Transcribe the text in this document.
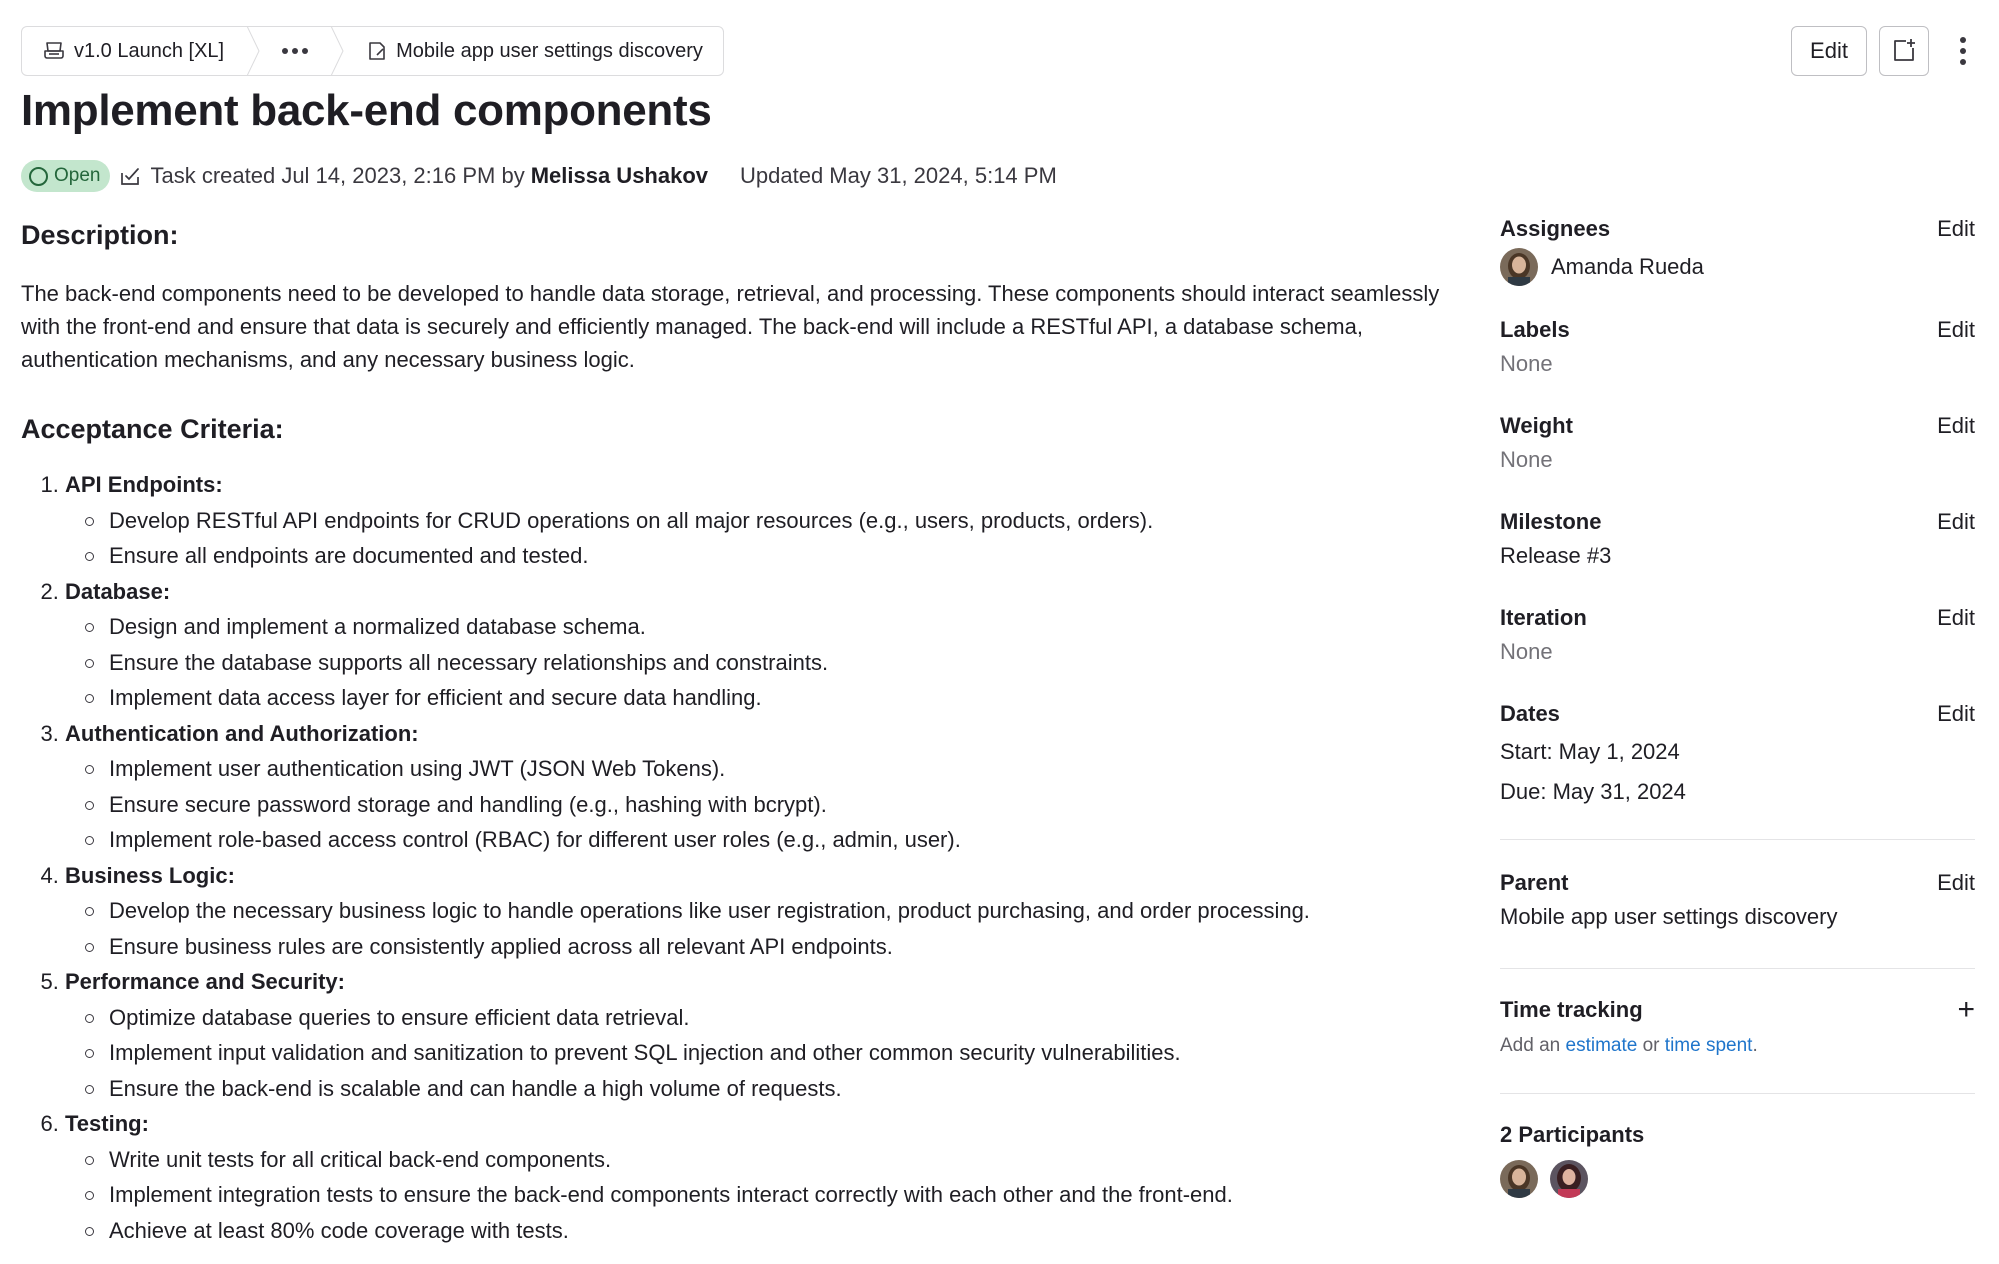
v1.0 Launch [XL]	Mobile app user settings discovery	Edit
Implement back-end components
Open Task created Jul 14, 2023, 2:16 PM by Melissa Ushakov Updated May 31, 2024, 5:14 PM
Description:

The back-end components need to be developed to handle data storage, retrieval, and processing. These components should interact seamlessly with the front-end and ensure that data is securely and efficiently managed. The back-end will include a RESTful API, a database schema, authentication mechanisms, and any necessary business logic.

Acceptance Criteria:
1. API Endpoints:
Develop RESTful API endpoints for CRUD operations on all major resources (e.g., users, products, orders).
Ensure all endpoints are documented and tested.
2. Database:
Design and implement a normalized database schema.
Ensure the database supports all necessary relationships and constraints.
Implement data access layer for efficient and secure data handling.
3. Authentication and Authorization:
Implement user authentication using JWT (JSON Web Tokens).
Ensure secure password storage and handling (e.g., hashing with bcrypt).
Implement role-based access control (RBAC) for different user roles (e.g., admin, user).
4. Business Logic:
Develop the necessary business logic to handle operations like user registration, product purchasing, and order processing.
Ensure business rules are consistently applied across all relevant API endpoints.
5. Performance and Security:
Optimize database queries to ensure efficient data retrieval.
Implement input validation and sanitization to prevent SQL injection and other common security vulnerabilities.
Ensure the back-end is scalable and can handle a high volume of requests.
6. Testing:
Write unit tests for all critical back-end components.
Implement integration tests to ensure the back-end components interact correctly with each other and the front-end.
Achieve at least 80% code coverage with tests.
Assignees	Edit
Amanda Rueda
Labels	Edit
None
Weight	Edit
None
Milestone	Edit
Release #3
Iteration	Edit
None
Dates	Edit
Start: May 1, 2024
Due: May 31, 2024
Parent	Edit
Mobile app user settings discovery
Time tracking	+
Add an estimate or time spent.
2 Participants
